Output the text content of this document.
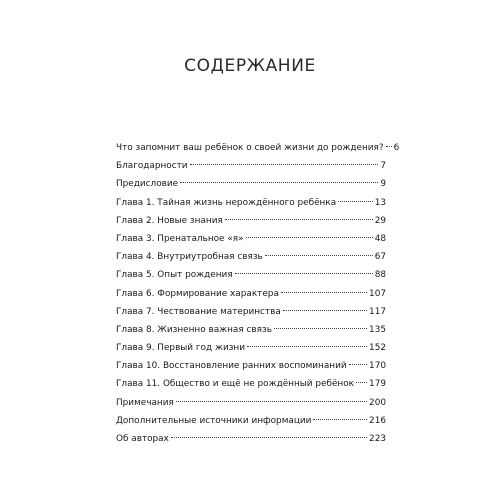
СОДЕРЖАНИЕ
Что запомнит ваш ребёнок о своей жизни до рождения? 6
Благодарности	7
Предисловие	9
Глава 1. Тайная жизнь нерождённого ребёнка	13
Глава 2. Новые знания	29
Глава 3. Пренатальное «я»	48
Глава 4. Внутриутробная связь	67
Глава 5. Опыт рождения	88
Глава 6. Формирование характера	107
Глава 7. Чествование материнства	117
Глава 8. Жизненно важная связь	135
Глава 9. Первый год жизни	152
Глава 10. Восстановление ранних воспоминаний	170
Глава 11. Общество и ещё не рождённый ребёнок 179
Примечания	200
Дополнительные источники информации	216
Об авторах	223
